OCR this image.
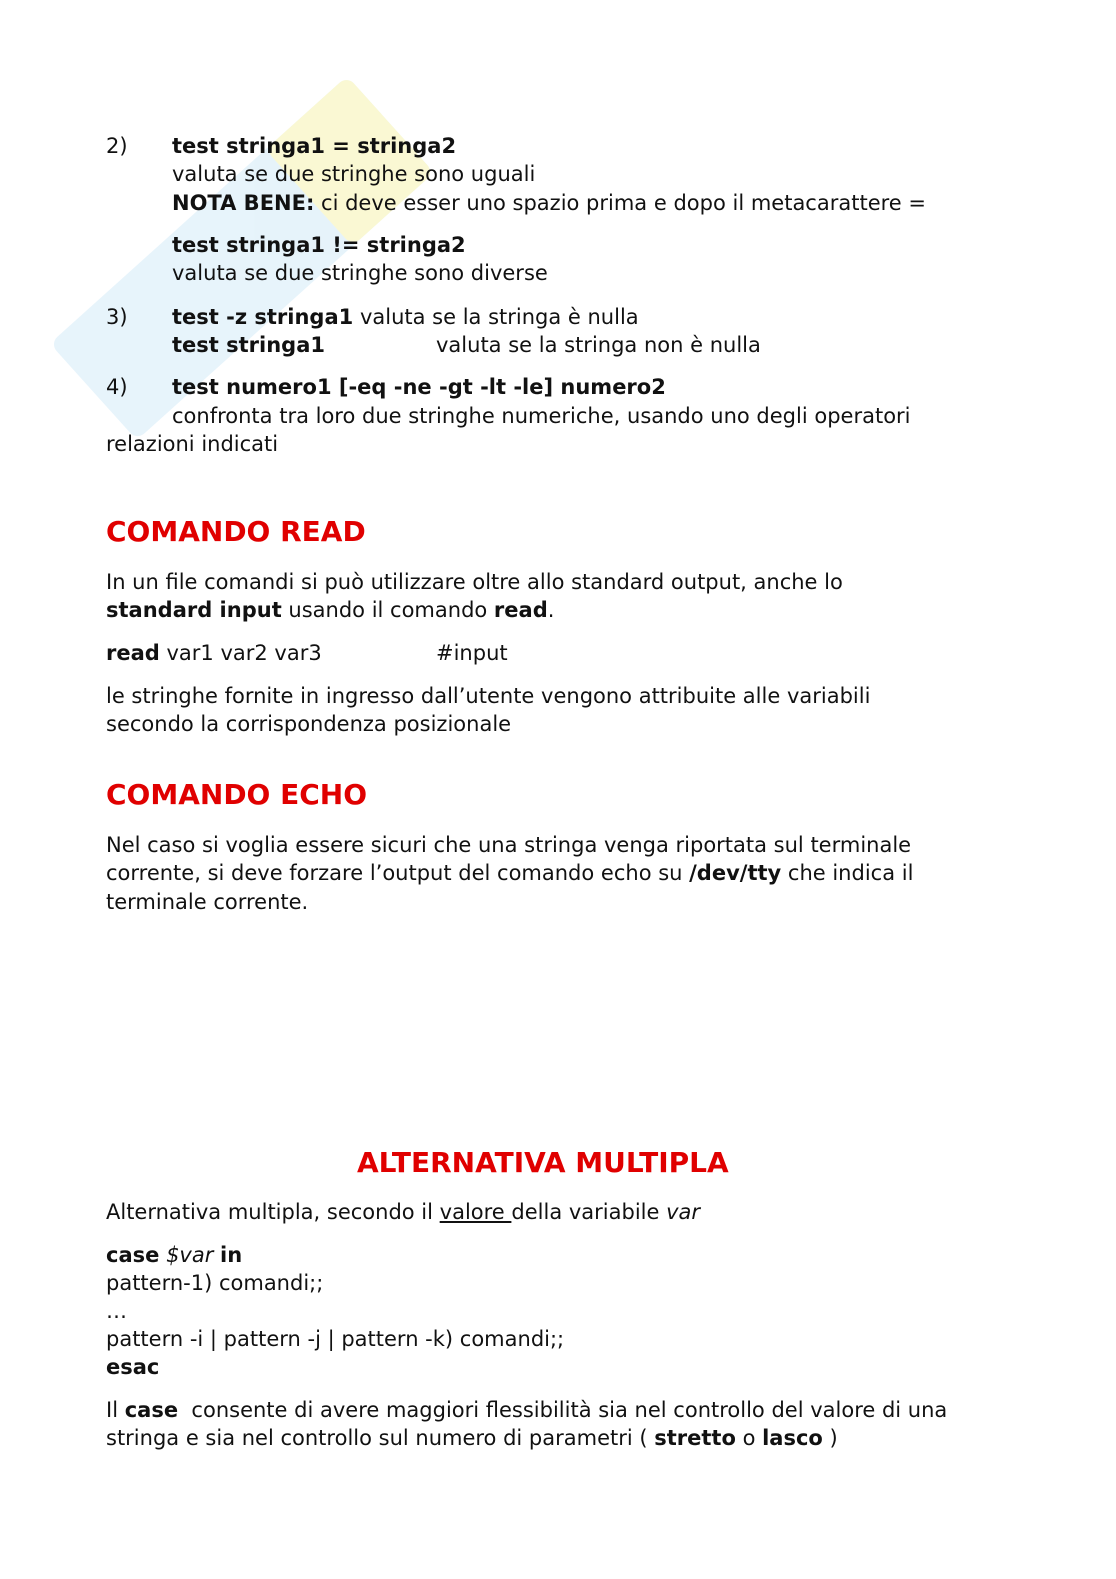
2) test stringa1 = stringa2
valuta se due stringhe sono uguali
NOTA BENE: ci deve esser uno spazio prima e dopo il metacarattere =
test stringa1 != stringa2
valuta se due stringhe sono diverse
3) test -z stringa1 valuta se la stringa è nulla
test stringa1	valuta se la stringa non è nulla
4) test numero1 [-eq -ne -gt -lt -le] numero2
confronta tra loro due stringhe numeriche, usando uno degli operatori
relazioni indicati
COMANDO READ
In un file comandi si può utilizzare oltre allo standard output, anche lo
standard input usando il comando read.
read var1 var2 var3	#input
le stringhe fornite in ingresso dall’utente vengono attribuite alle variabili
secondo la corrispondenza posizionale
COMANDO ECHO
Nel caso si voglia essere sicuri che una stringa venga riportata sul terminale
corrente, si deve forzare l’output del comando echo su /dev/tty che indica il
terminale corrente.
ALTERNATIVA MULTIPLA
Alternativa multipla, secondo il valore della variabile var
case $var in
pattern-1) comandi;;
…
pattern -i | pattern -j | pattern -k) comandi;;
esac
Il case  consente di avere maggiori flessibilità sia nel controllo del valore di una
stringa e sia nel controllo sul numero di parametri ( stretto o lasco )
